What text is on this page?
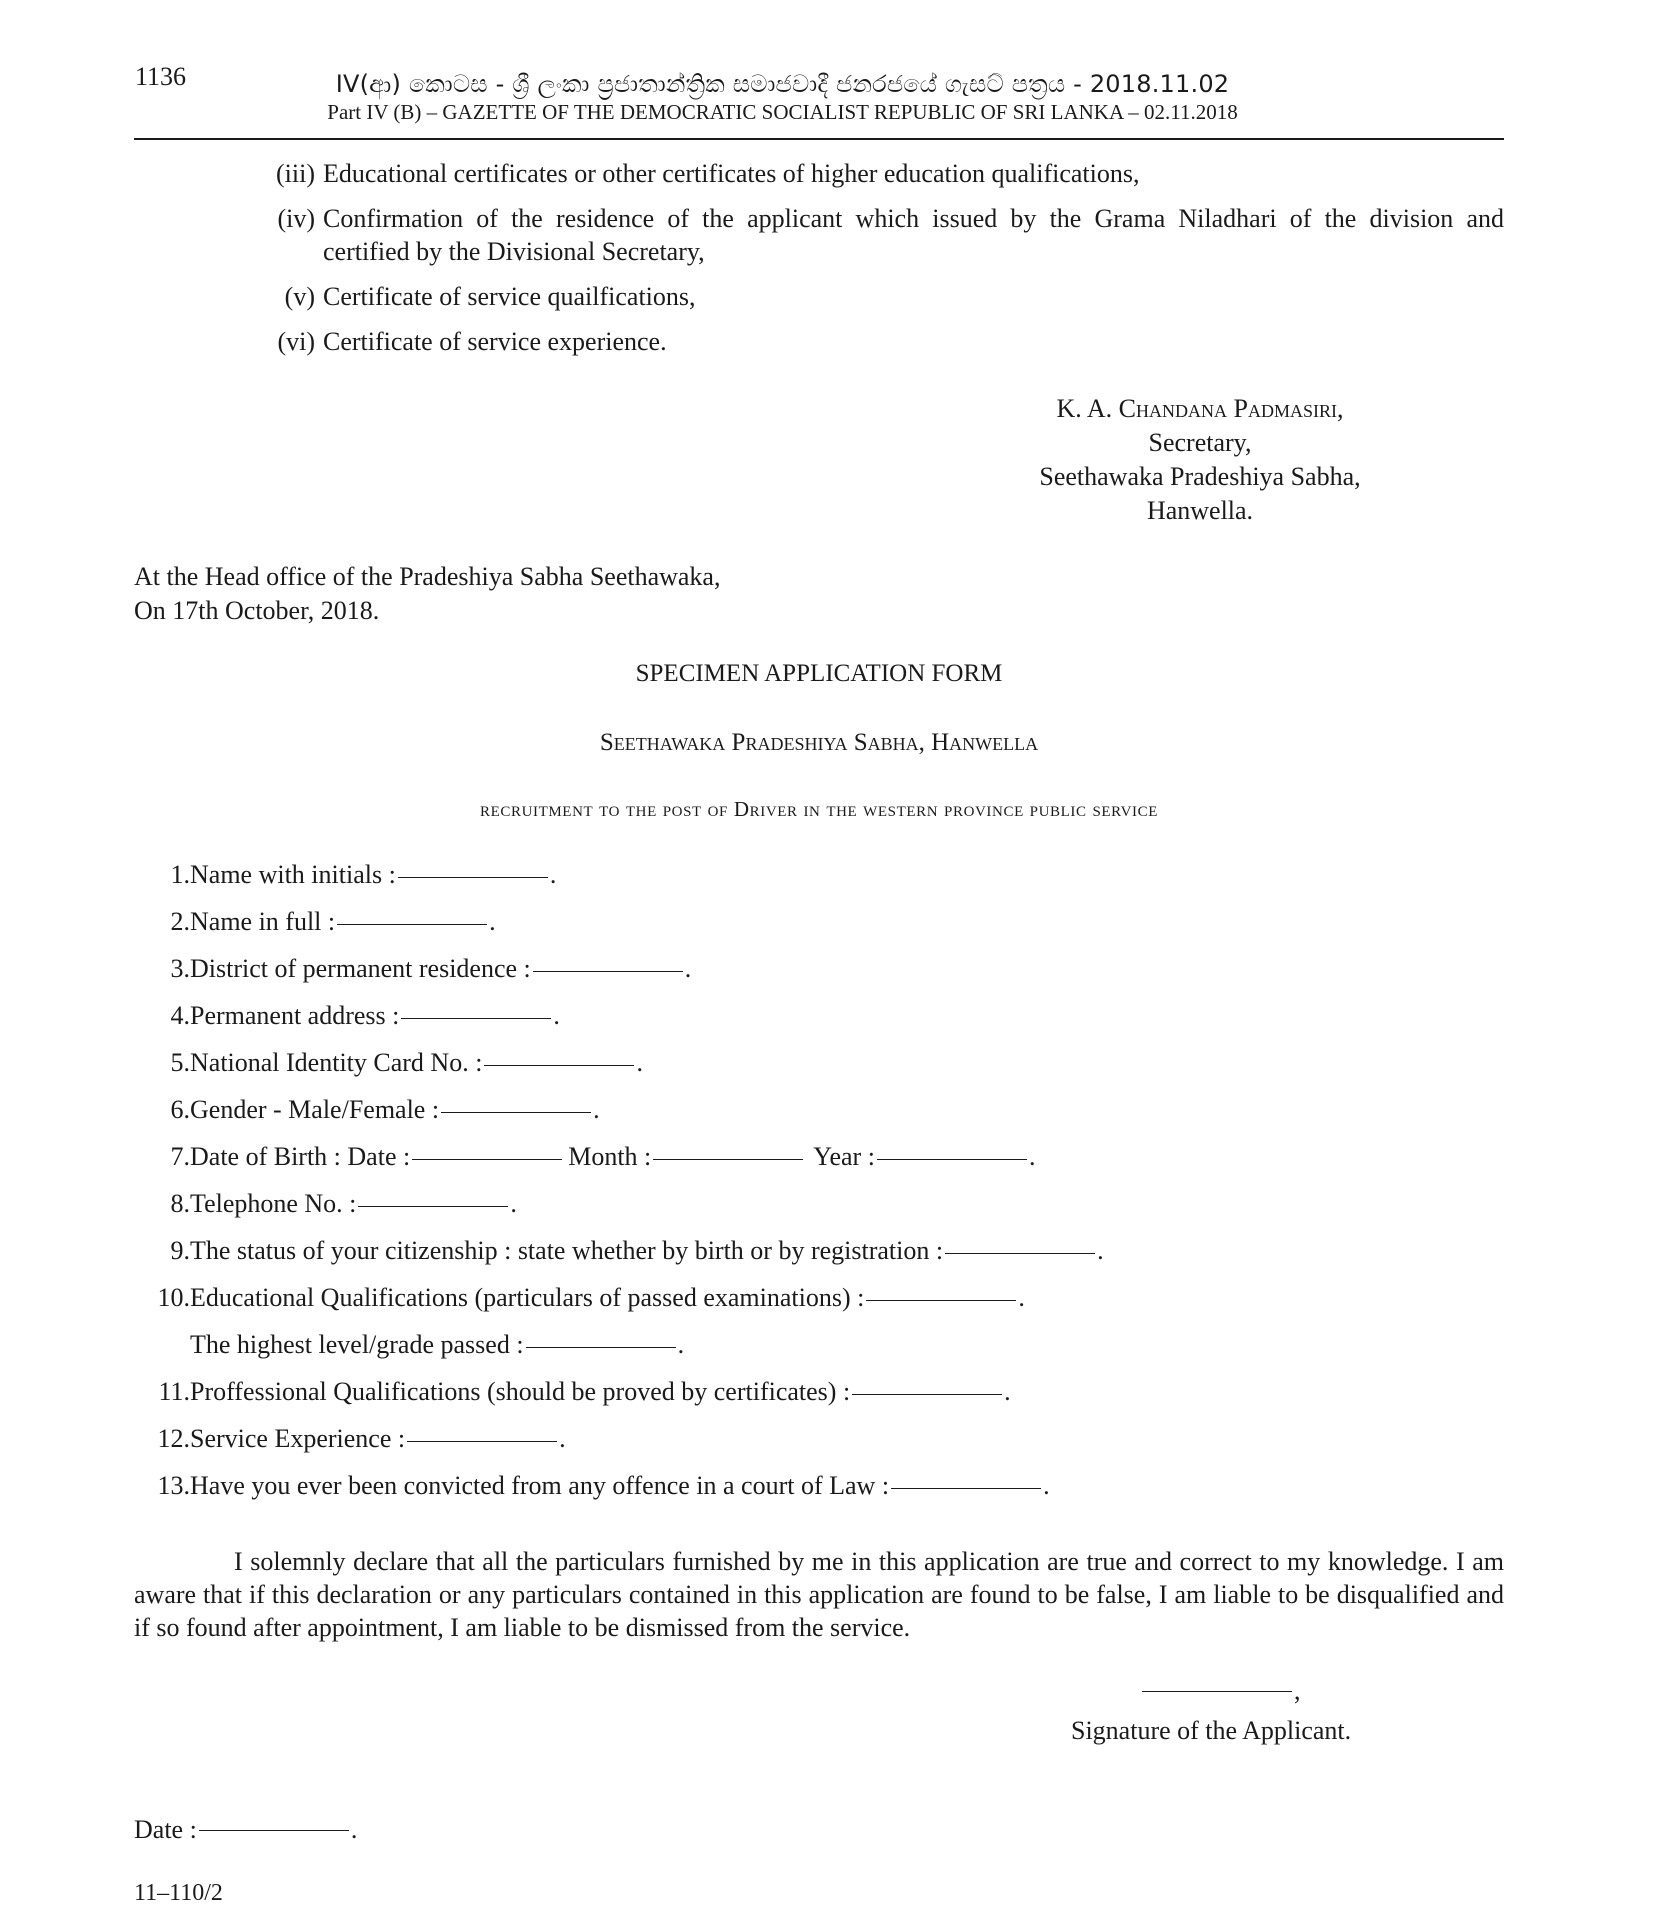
1136	IV(ආ) කොටස - ශ්‍රී ලංකා ප්‍රජාතාන්ත්‍රික සමාජවාදී ජනරජයේ ගැසට් පත්‍රය - 2018.11.02
Part IV (B) – GAZETTE OF THE DEMOCRATIC SOCIALIST REPUBLIC OF SRI LANKA – 02.11.2018
(iii) Educational certificates or other certificates of higher education qualifications,
(iv) Confirmation of the residence of the applicant which issued by the Grama Niladhari of the division and
certified by the Divisional Secretary,
(v) Certificate of service quailfications,
(vi) Certificate of service experience.
K. A. Chandana Padmasiri,
Secretary,
Seethawaka Pradeshiya Sabha,
Hanwella.
At the Head office of the Pradeshiya Sabha Seethawaka,
On 17th October, 2018.
SPECIMEN APPLICATION FORM
Seethawaka Pradeshiya Sabha, Hanwella
recruitment to the post of Driver in the western province public service
1.Name with initials :	.
2.Name in full :	.
3.District of permanent residence :	.
4.Permanent address :	.
5.National Identity Card No. :	.
6.Gender - Male/Female :	.
7.Date of Birth : Date :	Month :	Year :	.
8.Telephone No. :	.
9.The status of your citizenship : state whether by birth or by registration :	.
10.Educational Qualifications (particulars of passed examinations) :	.
The highest level/grade passed :	.
11.Proffessional Qualifications (should be proved by certificates) :	.
12.Service Experience :	.
13.Have you ever been convicted from any offence in a court of Law :	.

I solemnly declare that all the particulars furnished by me in this application are true and correct to my knowledge. I am aware that if this declaration or any particulars contained in this application are found to be false, I am liable to be disqualified and if so found after appointment, I am liable to be dismissed from the service.

,
Signature of the Applicant.
Date :	.
11–110/2
